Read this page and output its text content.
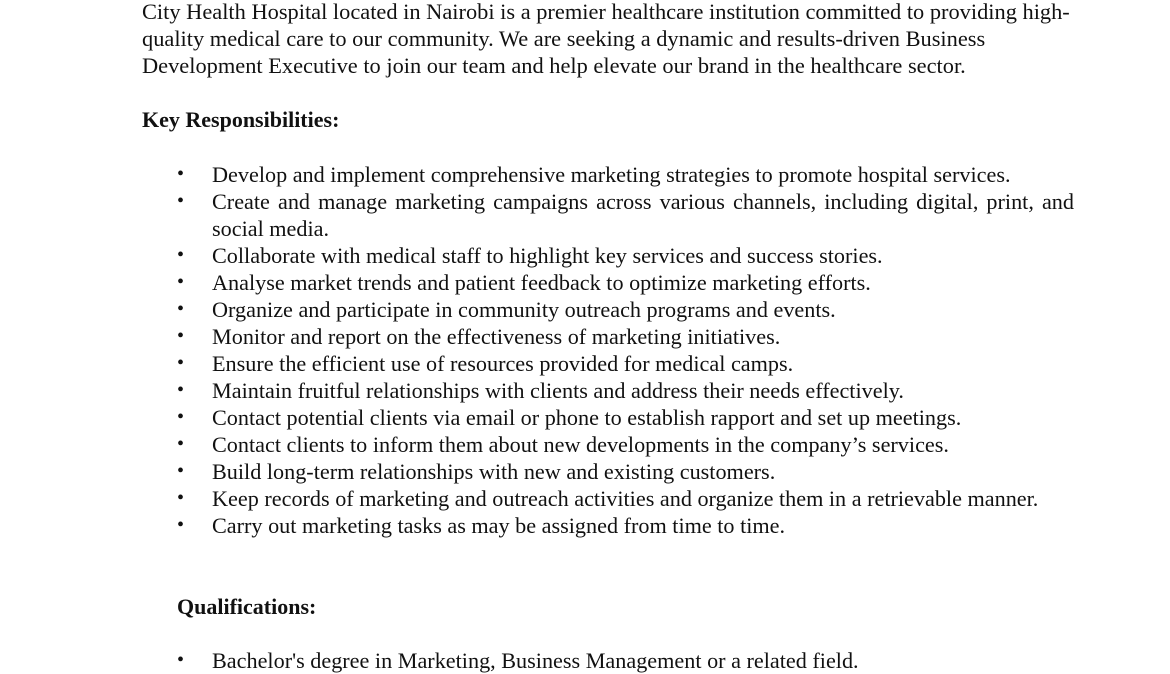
City Health Hospital located in Nairobi is a premier healthcare institution committed to providing high-quality medical care to our community. We are seeking a dynamic and results-driven Business Development Executive to join our team and help elevate our brand in the healthcare sector.

Key Responsibilities:
• Develop and implement comprehensive marketing strategies to promote hospital services.
• Create and manage marketing campaigns across various channels, including digital, print, and social media.
• Collaborate with medical staff to highlight key services and success stories.
• Analyse market trends and patient feedback to optimize marketing efforts.
• Organize and participate in community outreach programs and events.
• Monitor and report on the effectiveness of marketing initiatives.
• Ensure the efficient use of resources provided for medical camps.
• Maintain fruitful relationships with clients and address their needs effectively.
• Contact potential clients via email or phone to establish rapport and set up meetings.
• Contact clients to inform them about new developments in the company’s services.
• Build long-term relationships with new and existing customers.
• Keep records of marketing and outreach activities and organize them in a retrievable manner.
• Carry out marketing tasks as may be assigned from time to time.
Qualifications:
• Bachelor's degree in Marketing, Business Management or a related field.
